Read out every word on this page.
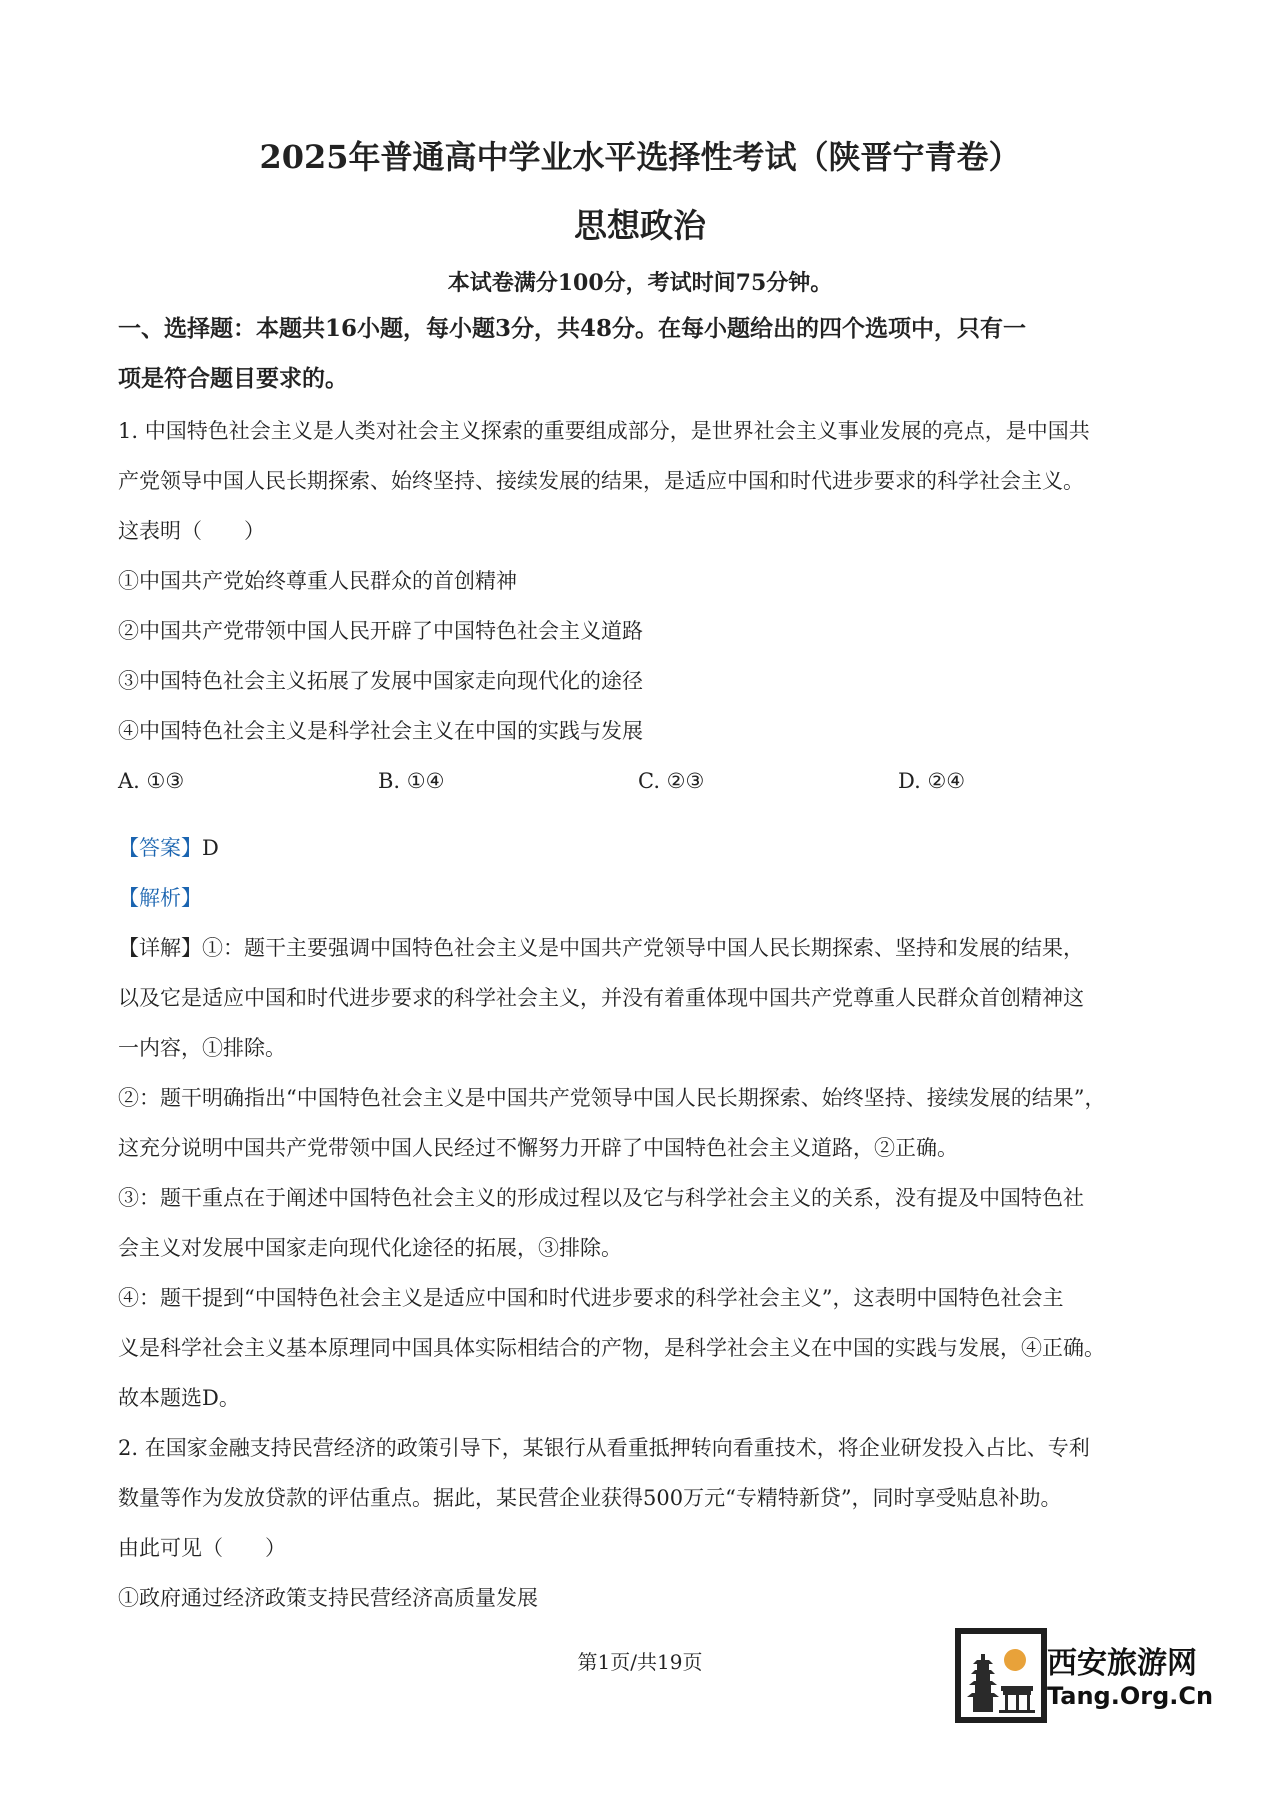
2025年普通高中学业水平选择性考试（陕晋宁青卷）
思想政治
本试卷满分100分，考试时间75分钟。
一、选择题：本题共16小题，每小题3分，共48分。在每小题给出的四个选项中，只有一
项是符合题目要求的。
1. 中国特色社会主义是人类对社会主义探索的重要组成部分，是世界社会主义事业发展的亮点，是中国共
产党领导中国人民长期探索、始终坚持、接续发展的结果，是适应中国和时代进步要求的科学社会主义。
这表明（　　）
①中国共产党始终尊重人民群众的首创精神
②中国共产党带领中国人民开辟了中国特色社会主义道路
③中国特色社会主义拓展了发展中国家走向现代化的途径
④中国特色社会主义是科学社会主义在中国的实践与发展
A. ①③	B. ①④	C. ②③	D. ②④
【答案】D
【解析】
【详解】①：题干主要强调中国特色社会主义是中国共产党领导中国人民长期探索、坚持和发展的结果，
以及它是适应中国和时代进步要求的科学社会主义，并没有着重体现中国共产党尊重人民群众首创精神这
一内容，①排除。
②：题干明确指出“中国特色社会主义是中国共产党领导中国人民长期探索、始终坚持、接续发展的结果”，
这充分说明中国共产党带领中国人民经过不懈努力开辟了中国特色社会主义道路，②正确。
③：题干重点在于阐述中国特色社会主义的形成过程以及它与科学社会主义的关系，没有提及中国特色社
会主义对发展中国家走向现代化途径的拓展，③排除。
④：题干提到“中国特色社会主义是适应中国和时代进步要求的科学社会主义”，这表明中国特色社会主
义是科学社会主义基本原理同中国具体实际相结合的产物，是科学社会主义在中国的实践与发展，④正确。
故本题选D。
2. 在国家金融支持民营经济的政策引导下，某银行从看重抵押转向看重技术，将企业研发投入占比、专利
数量等作为发放贷款的评估重点。据此，某民营企业获得500万元“专精特新贷”，同时享受贴息补助。
由此可见（　　）
①政府通过经济政策支持民营经济高质量发展
第1页/共19页	西安旅游网
Tang.Org.Cn
